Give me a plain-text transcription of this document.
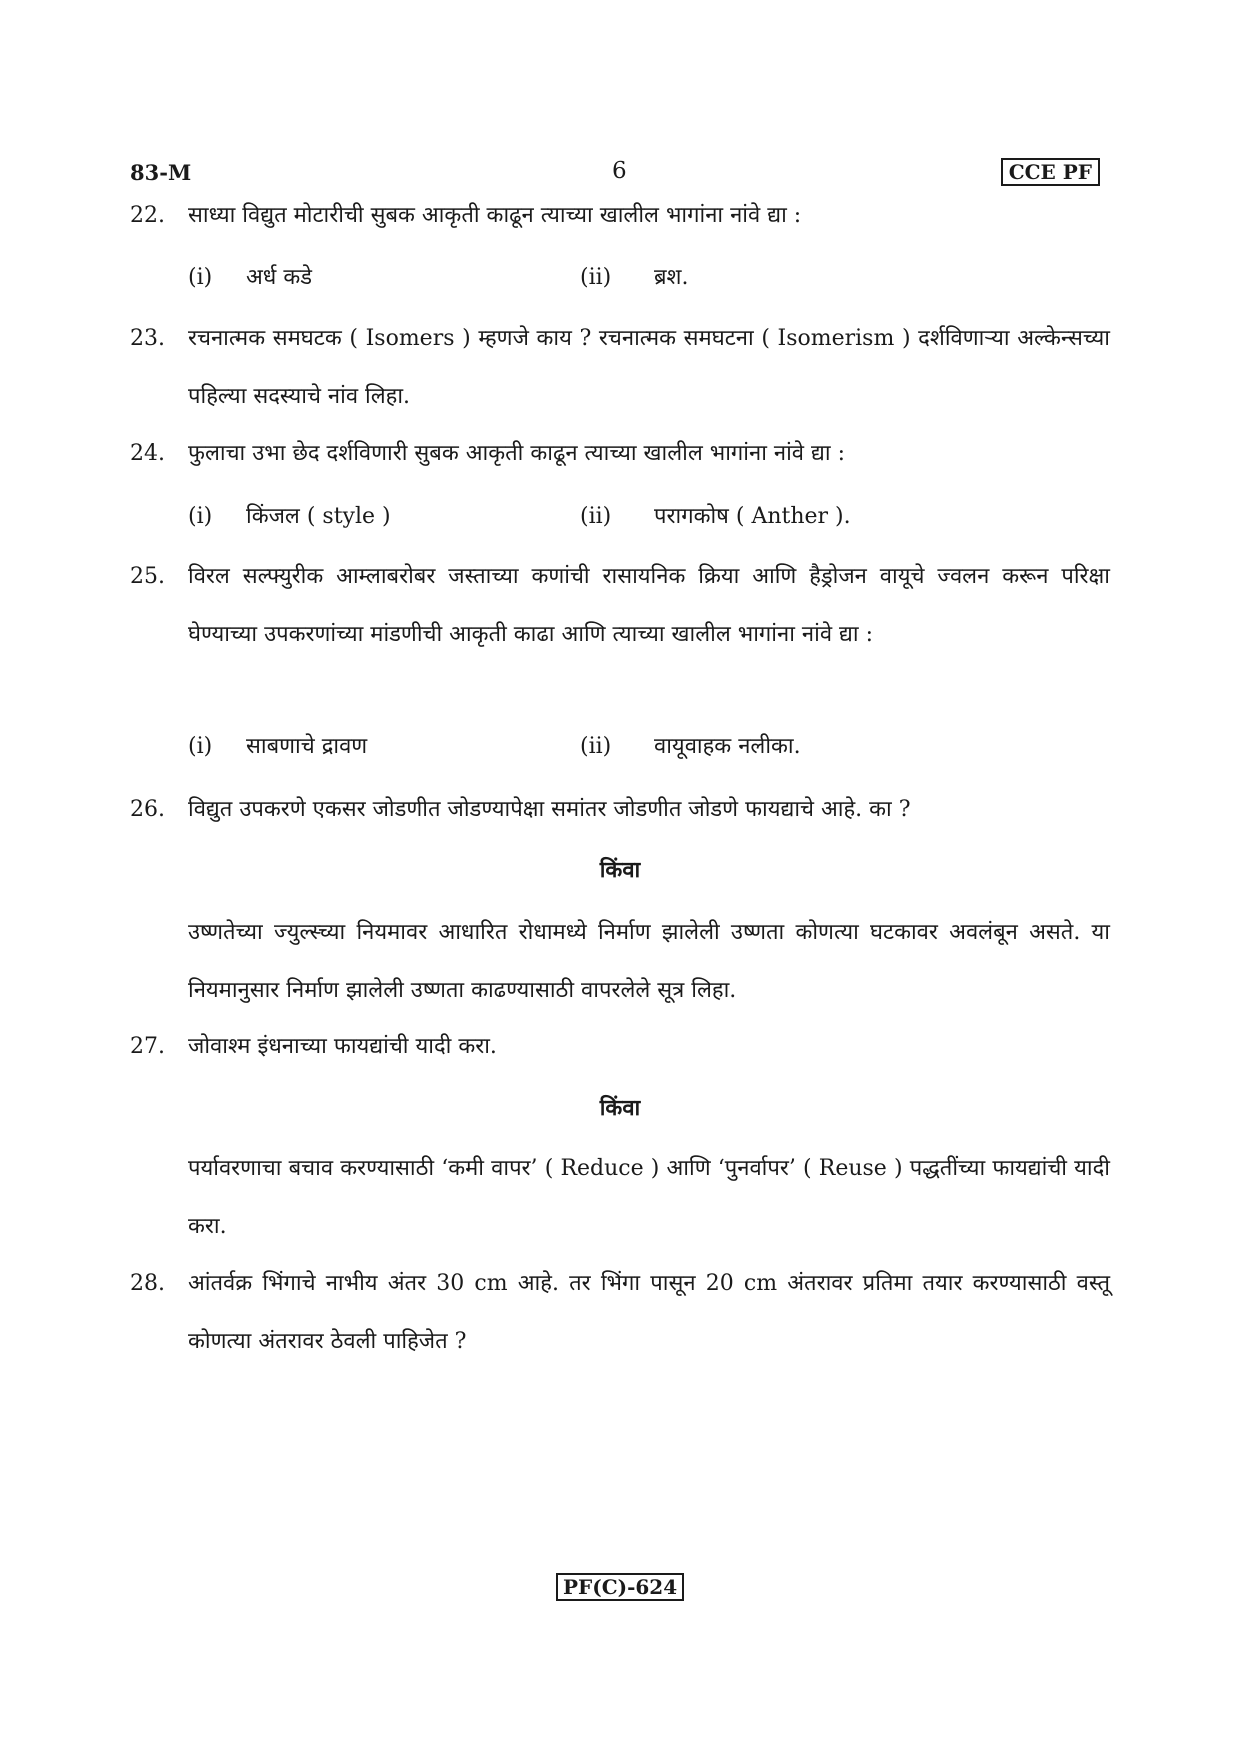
83-M	6	CCE PF
22.	साध्या विद्युत मोटारीची सुबक आकृती काढून त्याच्या खालील भागांना नांवे द्या :
(i) अर्ध कडे	(ii) ब्रश.
23.	रचनात्मक समघटक ( Isomers ) म्हणजे काय ? रचनात्मक समघटना ( Isomerism ) दर्शविणाऱ्या अल्केन्सच्या पहिल्या सदस्याचे नांव लिहा.
24.	फुलाचा उभा छेद दर्शविणारी सुबक आकृती काढून त्याच्या खालील भागांना नांवे द्या :
(i) किंजल ( style )	(ii) परागकोष ( Anther ).
25.	विरल सल्फ्युरीक आम्लाबरोबर जस्ताच्या कणांची रासायनिक क्रिया आणि हैड्रोजन वायूचे ज्वलन करून परिक्षा घेण्याच्या उपकरणांच्या मांडणीची आकृती काढा आणि त्याच्या खालील भागांना नांवे द्या :
(i) साबणाचे द्रावण	(ii) वायूवाहक नलीका.
26.	विद्युत उपकरणे एकसर जोडणीत जोडण्यापेक्षा समांतर जोडणीत जोडणे फायद्याचे आहे. का ?
किंवा
उष्णतेच्या ज्युल्स्च्या नियमावर आधारित रोधामध्ये निर्माण झालेली उष्णता कोणत्या घटकावर अवलंबून असते. या नियमानुसार निर्माण झालेली उष्णता काढण्यासाठी वापरलेले सूत्र लिहा.
27.	जोवाश्म इंधनाच्या फायद्यांची यादी करा.
किंवा
पर्यावरणाचा बचाव करण्यासाठी ‘कमी वापर’ ( Reduce ) आणि ‘पुनर्वापर’ ( Reuse ) पद्धतींच्या फायद्यांची यादी करा.
28.	आंतर्वक्र भिंगाचे नाभीय अंतर 30 cm आहे. तर भिंगा पासून 20 cm अंतरावर प्रतिमा तयार करण्यासाठी वस्तू कोणत्या अंतरावर ठेवली पाहिजेत ?
PF(C)-624
